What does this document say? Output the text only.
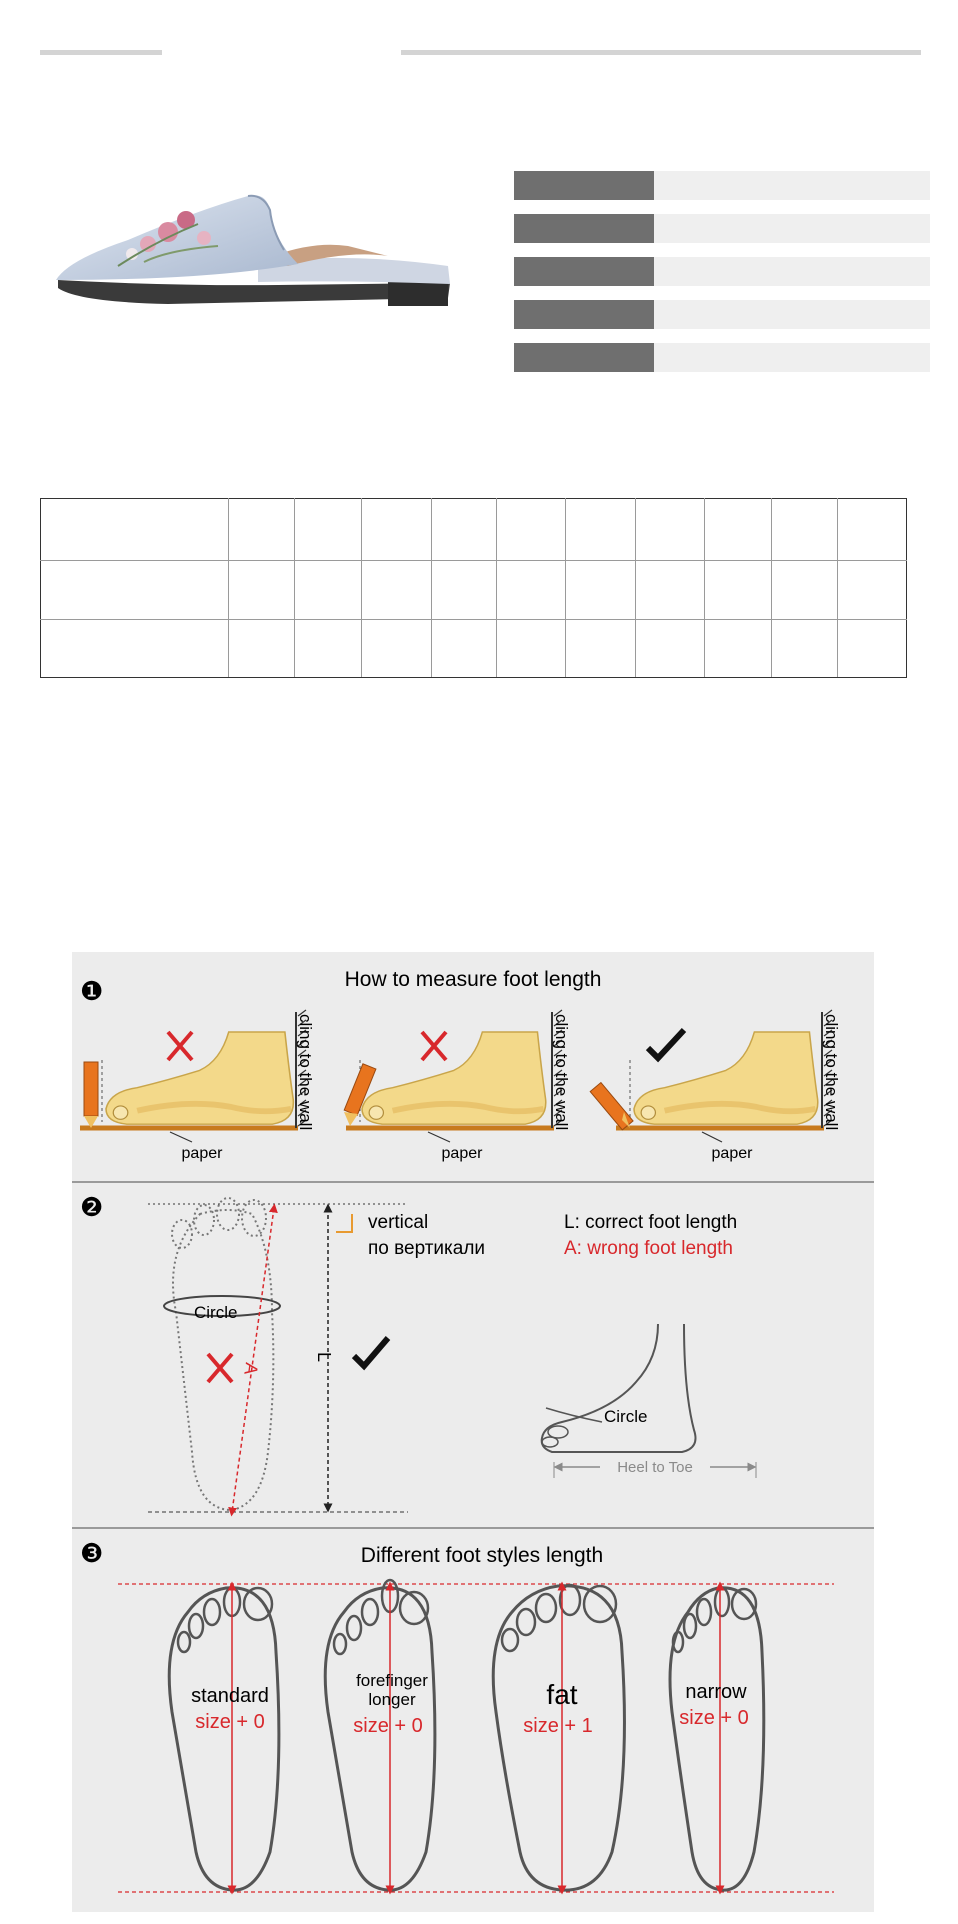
❶	How to measure foot length
paper
cling to the wall
paper
cling to the wall
paper
cling to the wall
❷
Circle
A
L
vertical
по вертикали
L: correct foot length
A: wrong foot length
Circle
Heel to Toe
❸	Different foot styles length
standard
size + 0
forefinger longer
size + 0
fat
size + 1
narrow
size + 0
